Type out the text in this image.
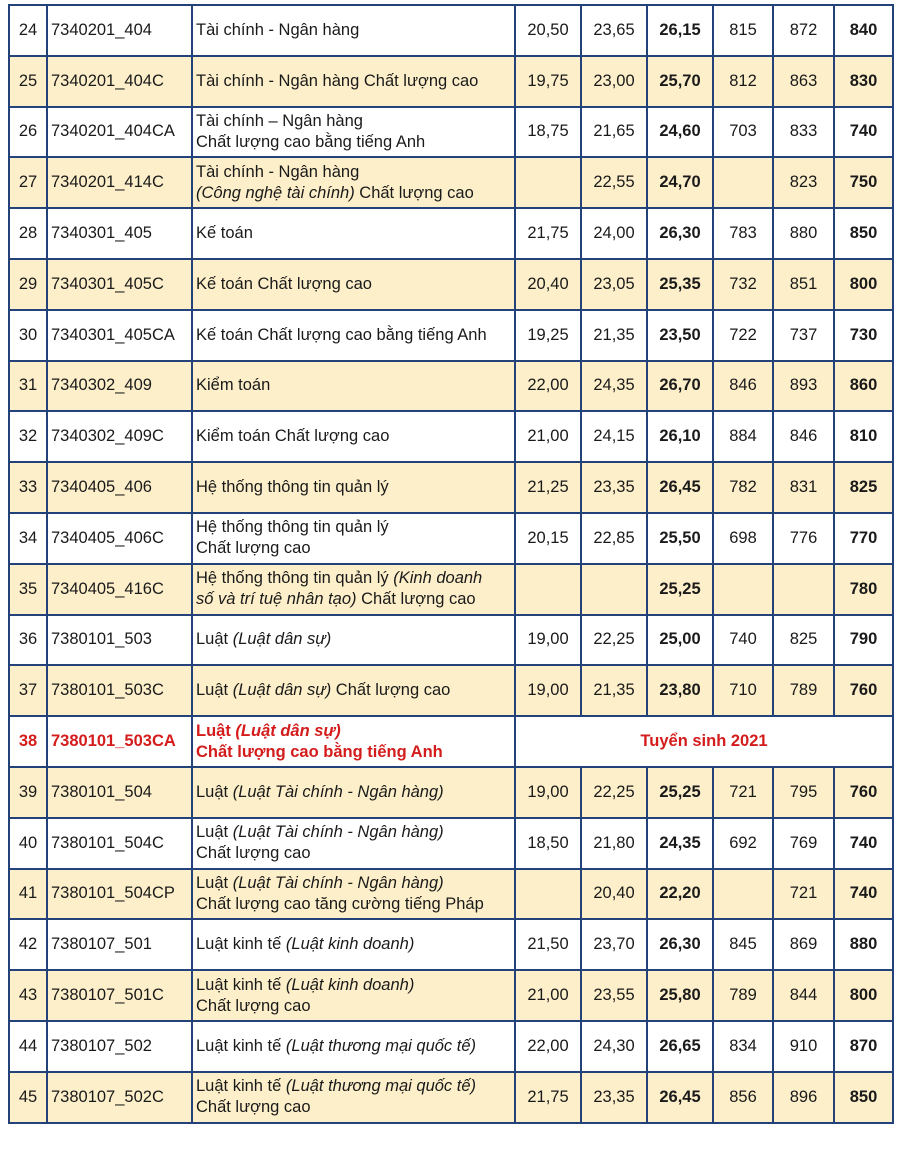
24	7340201_404	Tài chính - Ngân hàng	20,50	23,65	26,15	815	872	840
25	7340201_404C	Tài chính - Ngân hàng Chất lượng cao	19,75	23,00	25,70	812	863	830
26	7340201_404CA	Tài chính – Ngân hàng
Chất lượng cao bằng tiếng Anh	18,75	21,65	24,60	703	833	740
27	7340201_414C	Tài chính - Ngân hàng
(Công nghệ tài chính) Chất lượng cao		22,55	24,70		823	750
28	7340301_405	Kế toán	21,75	24,00	26,30	783	880	850
29	7340301_405C	Kế toán Chất lượng cao	20,40	23,05	25,35	732	851	800
30	7340301_405CA	Kế toán Chất lượng cao bằng tiếng Anh	19,25	21,35	23,50	722	737	730
31	7340302_409	Kiểm toán	22,00	24,35	26,70	846	893	860
32	7340302_409C	Kiểm toán Chất lượng cao	21,00	24,15	26,10	884	846	810
33	7340405_406	Hệ thống thông tin quản lý	21,25	23,35	26,45	782	831	825
34	7340405_406C	Hệ thống thông tin quản lý
Chất lượng cao	20,15	22,85	25,50	698	776	770
35	7340405_416C	Hệ thống thông tin quản lý (Kinh doanh
số và trí tuệ nhân tạo) Chất lượng cao			25,25			780
36	7380101_503	Luật (Luật dân sự)	19,00	22,25	25,00	740	825	790
37	7380101_503C	Luật (Luật dân sự) Chất lượng cao	19,00	21,35	23,80	710	789	760
38	7380101_503CA	Luật (Luật dân sự)
Chất lượng cao bằng tiếng Anh	Tuyển sinh 2021					
39	7380101_504	Luật (Luật Tài chính - Ngân hàng)	19,00	22,25	25,25	721	795	760
40	7380101_504C	Luật (Luật Tài chính - Ngân hàng)
Chất lượng cao	18,50	21,80	24,35	692	769	740
41	7380101_504CP	Luật (Luật Tài chính - Ngân hàng)
Chất lượng cao tăng cường tiếng Pháp		20,40	22,20		721	740
42	7380107_501	Luật kinh tế (Luật kinh doanh)	21,50	23,70	26,30	845	869	880
43	7380107_501C	Luật kinh tế (Luật kinh doanh)
Chất lượng cao	21,00	23,55	25,80	789	844	800
44	7380107_502	Luật kinh tế (Luật thương mại quốc tế)	22,00	24,30	26,65	834	910	870
45	7380107_502C	Luật kinh tế (Luật thương mại quốc tế)
Chất lượng cao	21,75	23,35	26,45	856	896	850
